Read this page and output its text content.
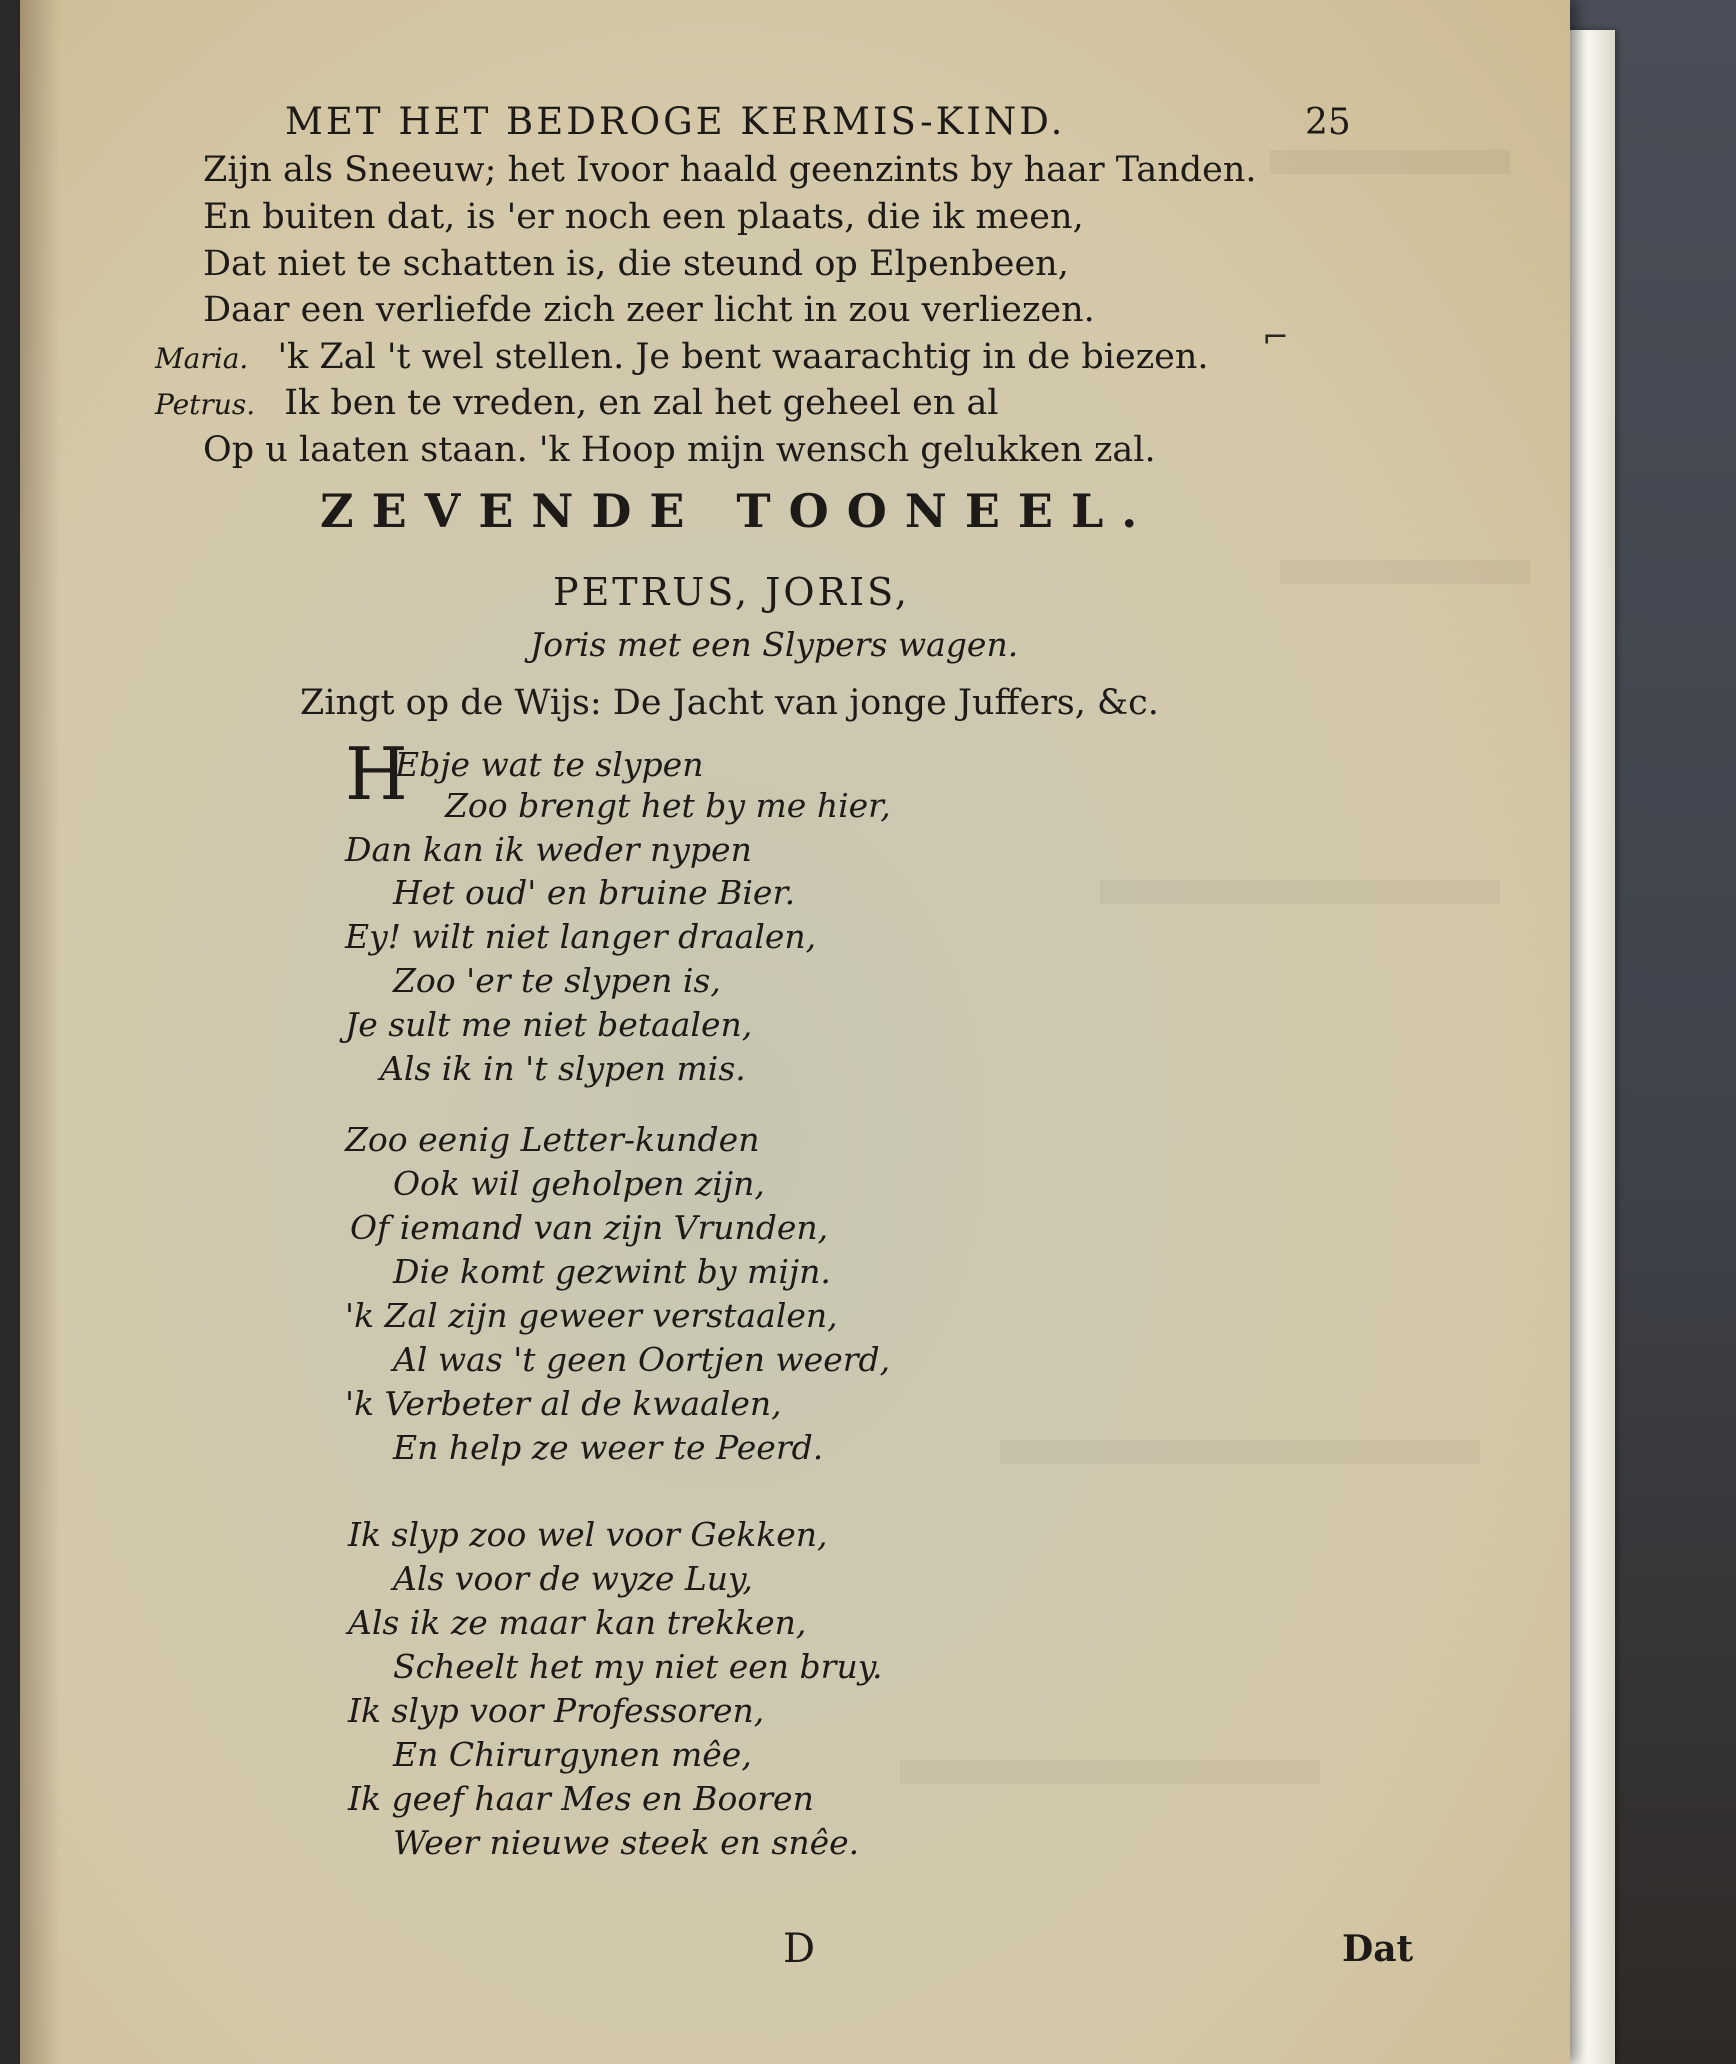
MET HET BEDROGE KERMIS-KIND.	25
Zijn als Sneeuw; het Ivoor haald geenzints by haar Tanden.
En buiten dat, is 'er noch een plaats, die ik meen,
Dat niet te schatten is, die steund op Elpenbeen,
Daar een verliefde zich zeer licht in zou verliezen.
Maria. 'k Zal 't wel stellen. Je bent waarachtig in de biezen.
Petrus. Ik ben te vreden, en zal het geheel en al
Op u laaten staan. 'k Hoop mijn wensch gelukken zal.
⌐
ZEVENDE TOONEEL.
PETRUS, JORIS,
Joris met een Slypers wagen.
Zingt op de Wijs: De Jacht van jonge Juffers, &c.
H
Ebje wat te slypen
Zoo brengt het by me hier,
Dan kan ik weder nypen
Het oud' en bruine Bier.
Ey! wilt niet langer draalen,
Zoo 'er te slypen is,
Je sult me niet betaalen,
Als ik in 't slypen mis.
Zoo eenig Letter-kunden
Ook wil geholpen zijn,
Of iemand van zijn Vrunden,
Die komt gezwint by mijn.
'k Zal zijn geweer verstaalen,
Al was 't geen Oortjen weerd,
'k Verbeter al de kwaalen,
En help ze weer te Peerd.
Ik slyp zoo wel voor Gekken,
Als voor de wyze Luy,
Als ik ze maar kan trekken,
Scheelt het my niet een bruy.
Ik slyp voor Professoren,
En Chirurgynen mêe,
Ik geef haar Mes en Booren
Weer nieuwe steek en snêe.
D	Dat
